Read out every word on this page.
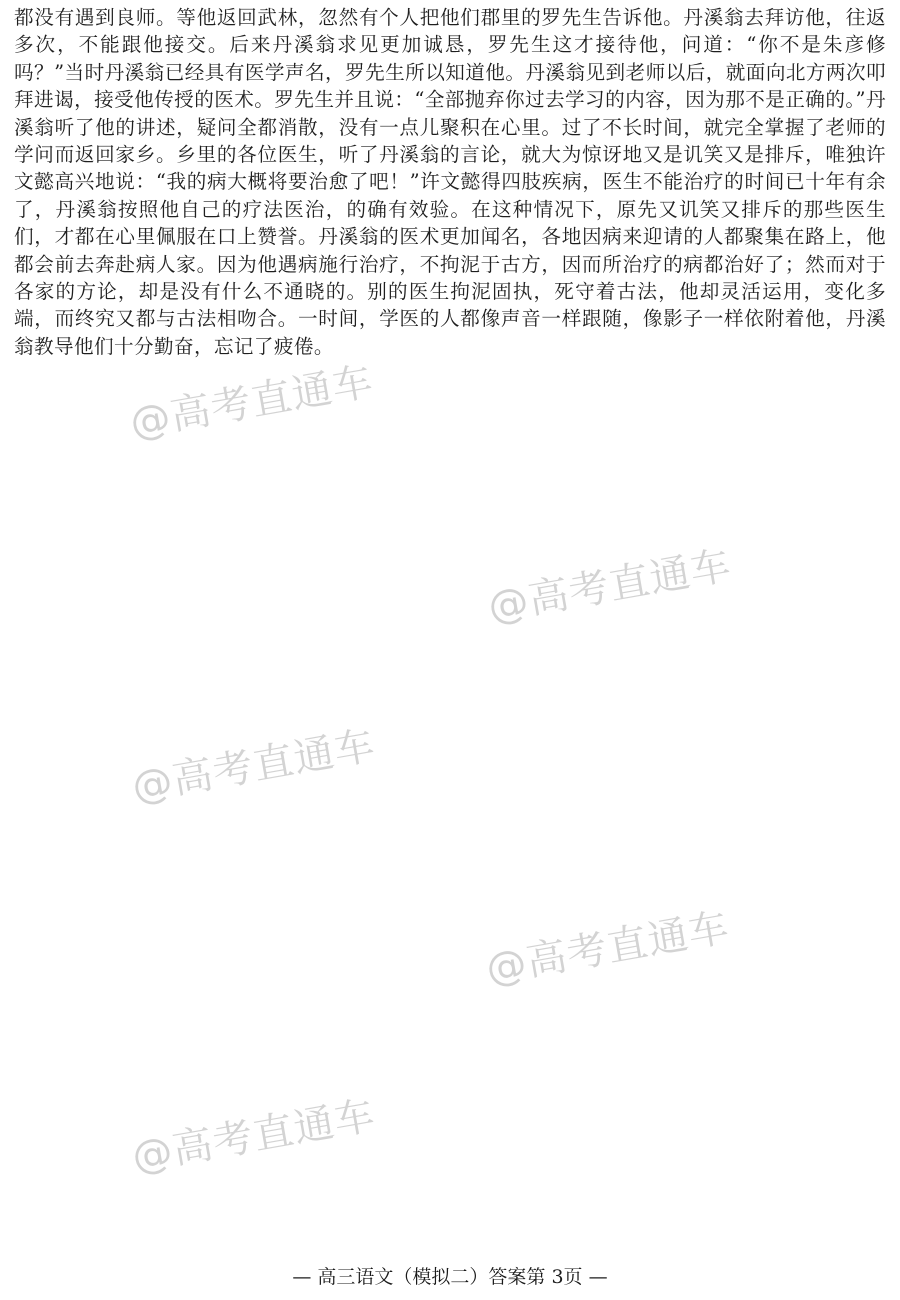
都没有遇到良师。等他返回武林，忽然有个人把他们郡里的罗先生告诉他。丹溪翁去拜访他，往返多次，不能跟他接交。后来丹溪翁求见更加诚恳，罗先生这才接待他，问道：“你不是朱彦修吗？”当时丹溪翁已经具有医学声名，罗先生所以知道他。丹溪翁见到老师以后，就面向北方两次叩拜进谒，接受他传授的医术。罗先生并且说：“全部抛弃你过去学习的内容，因为那不是正确的。”丹溪翁听了他的讲述，疑问全都消散，没有一点儿聚积在心里。过了不长时间，就完全掌握了老师的学问而返回家乡。乡里的各位医生，听了丹溪翁的言论，就大为惊讶地又是讥笑又是排斥，唯独许文懿高兴地说：“我的病大概将要治愈了吧！”许文懿得四肢疾病，医生不能治疗的时间已十年有余了，丹溪翁按照他自己的疗法医治，的确有效验。在这种情况下，原先又讥笑又排斥的那些医生们，才都在心里佩服在口上赞誉。丹溪翁的医术更加闻名，各地因病来迎请的人都聚集在路上，他都会前去奔赴病人家。因为他遇病施行治疗，不拘泥于古方，因而所治疗的病都治好了；然而对于各家的方论，却是没有什么不通晓的。别的医生拘泥固执，死守着古法，他却灵活运用，变化多端，而终究又都与古法相吻合。一时间，学医的人都像声音一样跟随，像影子一样依附着他，丹溪翁教导他们十分勤奋，忘记了疲倦。

@高考直通车
@高考直通车
@高考直通车
@高考直通车
@高考直通车
— 高三语文（模拟二）答案第 3页 —
